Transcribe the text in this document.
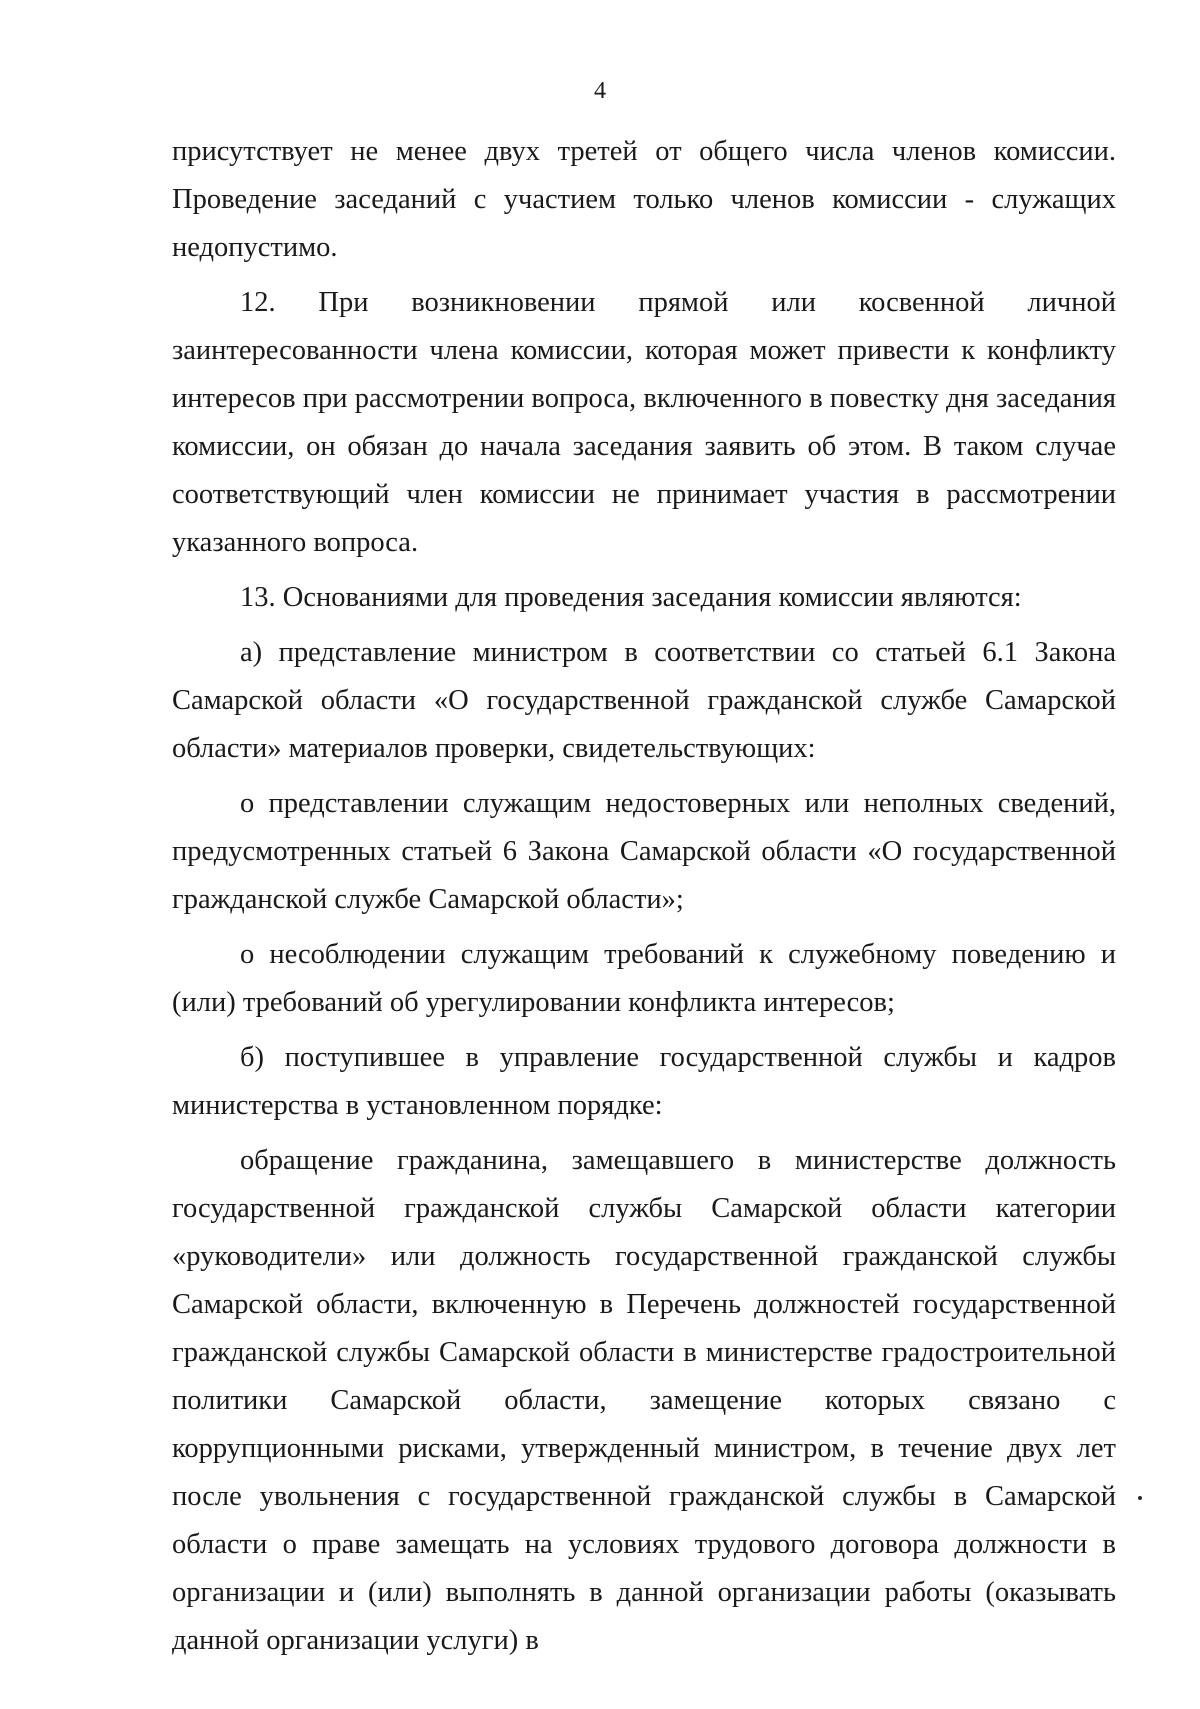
4

присутствует не менее двух третей от общего числа членов комиссии. Проведение заседаний с участием только членов комиссии - служащих недопустимо.

12. При возникновении прямой или косвенной личной заинтересованности члена комиссии, которая может привести к конфликту интересов при рассмотрении вопроса, включенного в повестку дня заседания комиссии, он обязан до начала заседания заявить об этом. В таком случае соответствующий член комиссии не принимает участия в рассмотрении указанного вопроса.

13. Основаниями для проведения заседания комиссии являются:

а) представление министром в соответствии со статьей 6.1 Закона Самарской области «О государственной гражданской службе Самарской области» материалов проверки, свидетельствующих:

о представлении служащим недостоверных или неполных сведений, предусмотренных статьей 6 Закона Самарской области «О государственной гражданской службе Самарской области»;

о несоблюдении служащим требований к служебному поведению и (или) требований об урегулировании конфликта интересов;

б) поступившее в управление государственной службы и кадров министерства в установленном порядке:

обращение гражданина, замещавшего в министерстве должность государственной гражданской службы Самарской области категории «руководители» или должность государственной гражданской службы Самарской области, включенную в Перечень должностей государственной гражданской службы Самарской области в министерстве градостроительной политики Самарской области, замещение которых связано с коррупционными рисками, утвержденный министром, в течение двух лет после увольнения с государственной гражданской службы в Самарской области о праве замещать на условиях трудового договора должности в организации и (или) выполнять в данной организации работы (оказывать данной организации услуги) в
